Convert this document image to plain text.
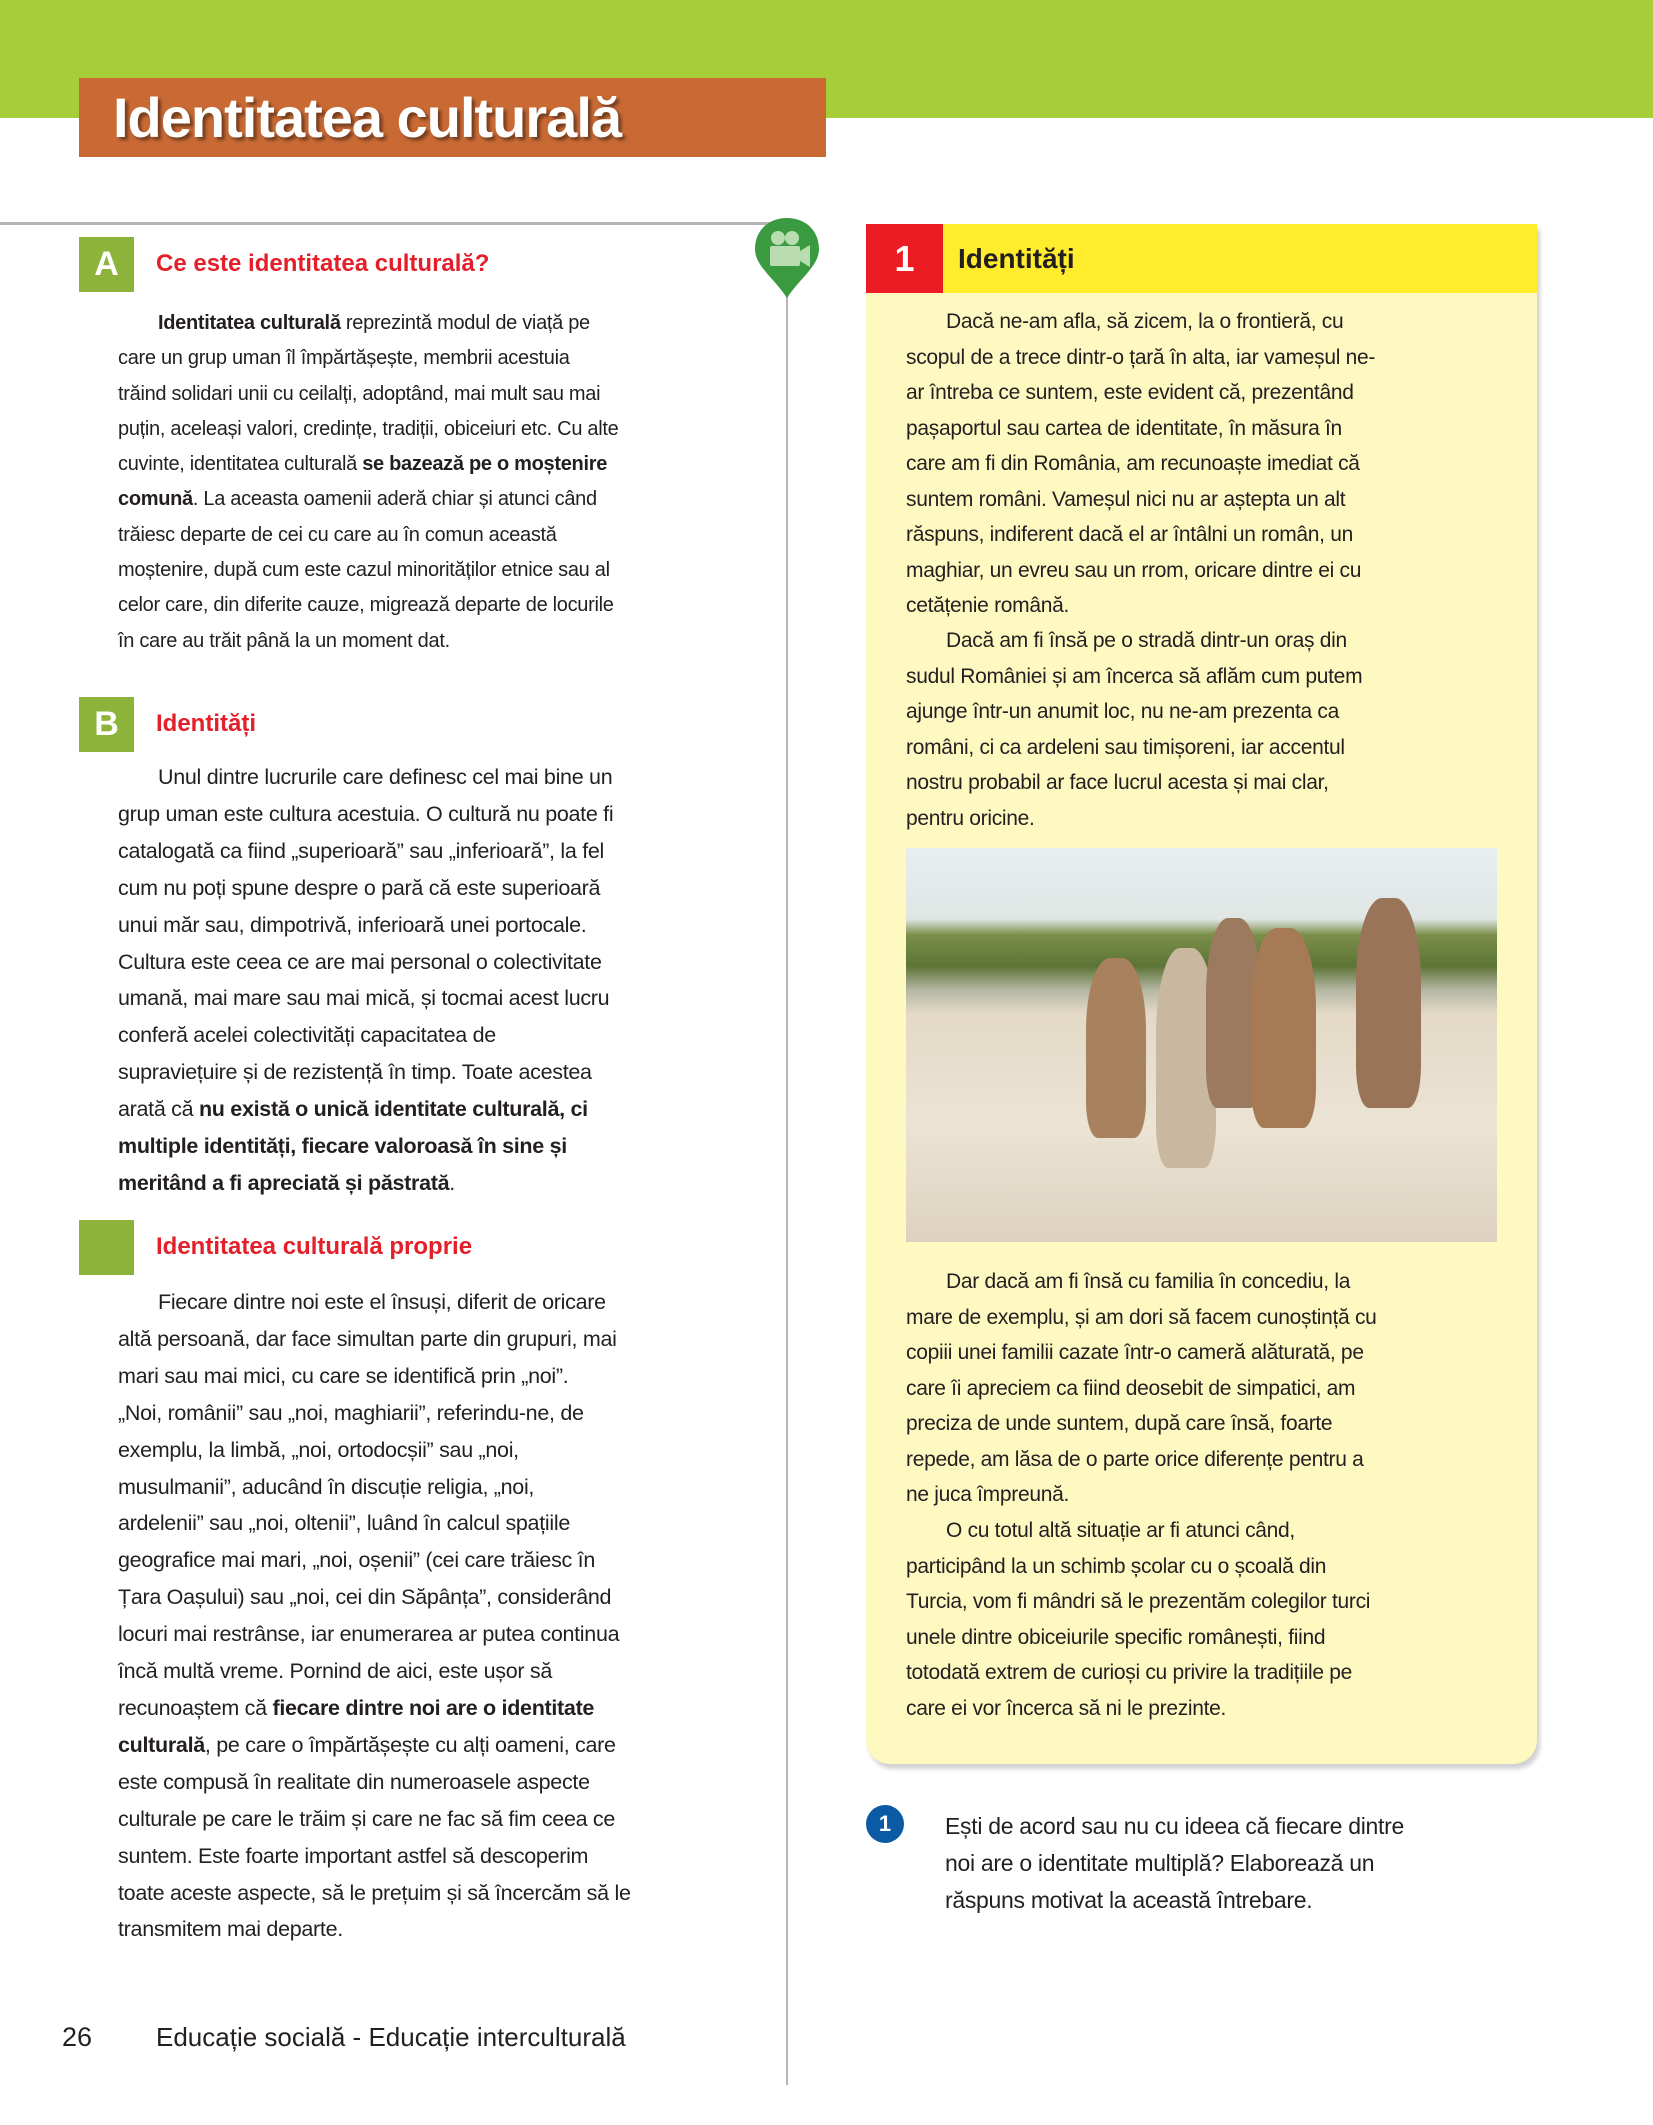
Identitatea culturală
A	Ce este identitatea culturală?
Identitatea culturală reprezintă modul de viață pe
care un grup uman îl împărtășește, membrii acestuia
trăind solidari unii cu ceilalți, adoptând, mai mult sau mai
puțin, aceleași valori, credințe, tradiții, obiceiuri etc. Cu alte
cuvinte, identitatea culturală se bazează pe o moștenire
comună. La aceasta oamenii aderă chiar și atunci când
trăiesc departe de cei cu care au în comun această
moștenire, după cum este cazul minorităților etnice sau al
celor care, din diferite cauze, migrează departe de locurile
în care au trăit până la un moment dat.
B	Identități
Unul dintre lucrurile care definesc cel mai bine un
grup uman este cultura acestuia. O cultură nu poate fi
catalogată ca fiind „superioară” sau „inferioară”, la fel
cum nu poți spune despre o pară că este superioară
unui măr sau, dimpotrivă, inferioară unei portocale.
Cultura este ceea ce are mai personal o colectivitate
umană, mai mare sau mai mică, și tocmai acest lucru
conferă acelei colectivități capacitatea de
supraviețuire și de rezistență în timp. Toate acestea
arată că nu există o unică identitate culturală, ci
multiple identități, fiecare valoroasă în sine și
meritând a fi apreciată și păstrată.
Identitatea culturală proprie
Fiecare dintre noi este el însuși, diferit de oricare
altă persoană, dar face simultan parte din grupuri, mai
mari sau mai mici, cu care se identifică prin „noi”.
„Noi, românii” sau „noi, maghiarii”, referindu-ne, de
exemplu, la limbă, „noi, ortodocșii” sau „noi,
musulmanii”, aducând în discuție religia, „noi,
ardelenii” sau „noi, oltenii”, luând în calcul spațiile
geografice mai mari, „noi, oșenii” (cei care trăiesc în
Țara Oașului) sau „noi, cei din Săpânța”, considerând
locuri mai restrânse, iar enumerarea ar putea continua
încă multă vreme. Pornind de aici, este ușor să
recunoaștem că fiecare dintre noi are o identitate
culturală, pe care o împărtășește cu alți oameni, care
este compusă în realitate din numeroasele aspecte
culturale pe care le trăim și care ne fac să fim ceea ce
suntem. Este foarte important astfel să descoperim
toate aceste aspecte, să le prețuim și să încercăm să le
transmitem mai departe.
1	Identități
Dacă ne-am afla, să zicem, la o frontieră, cu
scopul de a trece dintr-o țară în alta, iar vameșul ne-
ar întreba ce suntem, este evident că, prezentând
pașaportul sau cartea de identitate, în măsura în
care am fi din România, am recunoaște imediat că
suntem români. Vameșul nici nu ar aștepta un alt
răspuns, indiferent dacă el ar întâlni un român, un
maghiar, un evreu sau un rrom, oricare dintre ei cu
cetățenie română.
Dacă am fi însă pe o stradă dintr-un oraș din
sudul României și am încerca să aflăm cum putem
ajunge într-un anumit loc, nu ne-am prezenta ca
români, ci ca ardeleni sau timișoreni, iar accentul
nostru probabil ar face lucrul acesta și mai clar,
pentru oricine.
Dar dacă am fi însă cu familia în concediu, la
mare de exemplu, și am dori să facem cunoștință cu
copiii unei familii cazate într-o cameră alăturată, pe
care îi apreciem ca fiind deosebit de simpatici, am
preciza de unde suntem, după care însă, foarte
repede, am lăsa de o parte orice diferențe pentru a
ne juca împreună.
O cu totul altă situație ar fi atunci când,
participând la un schimb școlar cu o școală din
Turcia, vom fi mândri să le prezentăm colegilor turci
unele dintre obiceiurile specific românești, fiind
totodată extrem de curioși cu privire la tradițiile pe
care ei vor încerca să ni le prezinte.
1	Ești de acord sau nu cu ideea că fiecare dintre
noi are o identitate multiplă? Elaborează un
răspuns motivat la această întrebare.
26 Educație socială - Educație interculturală
